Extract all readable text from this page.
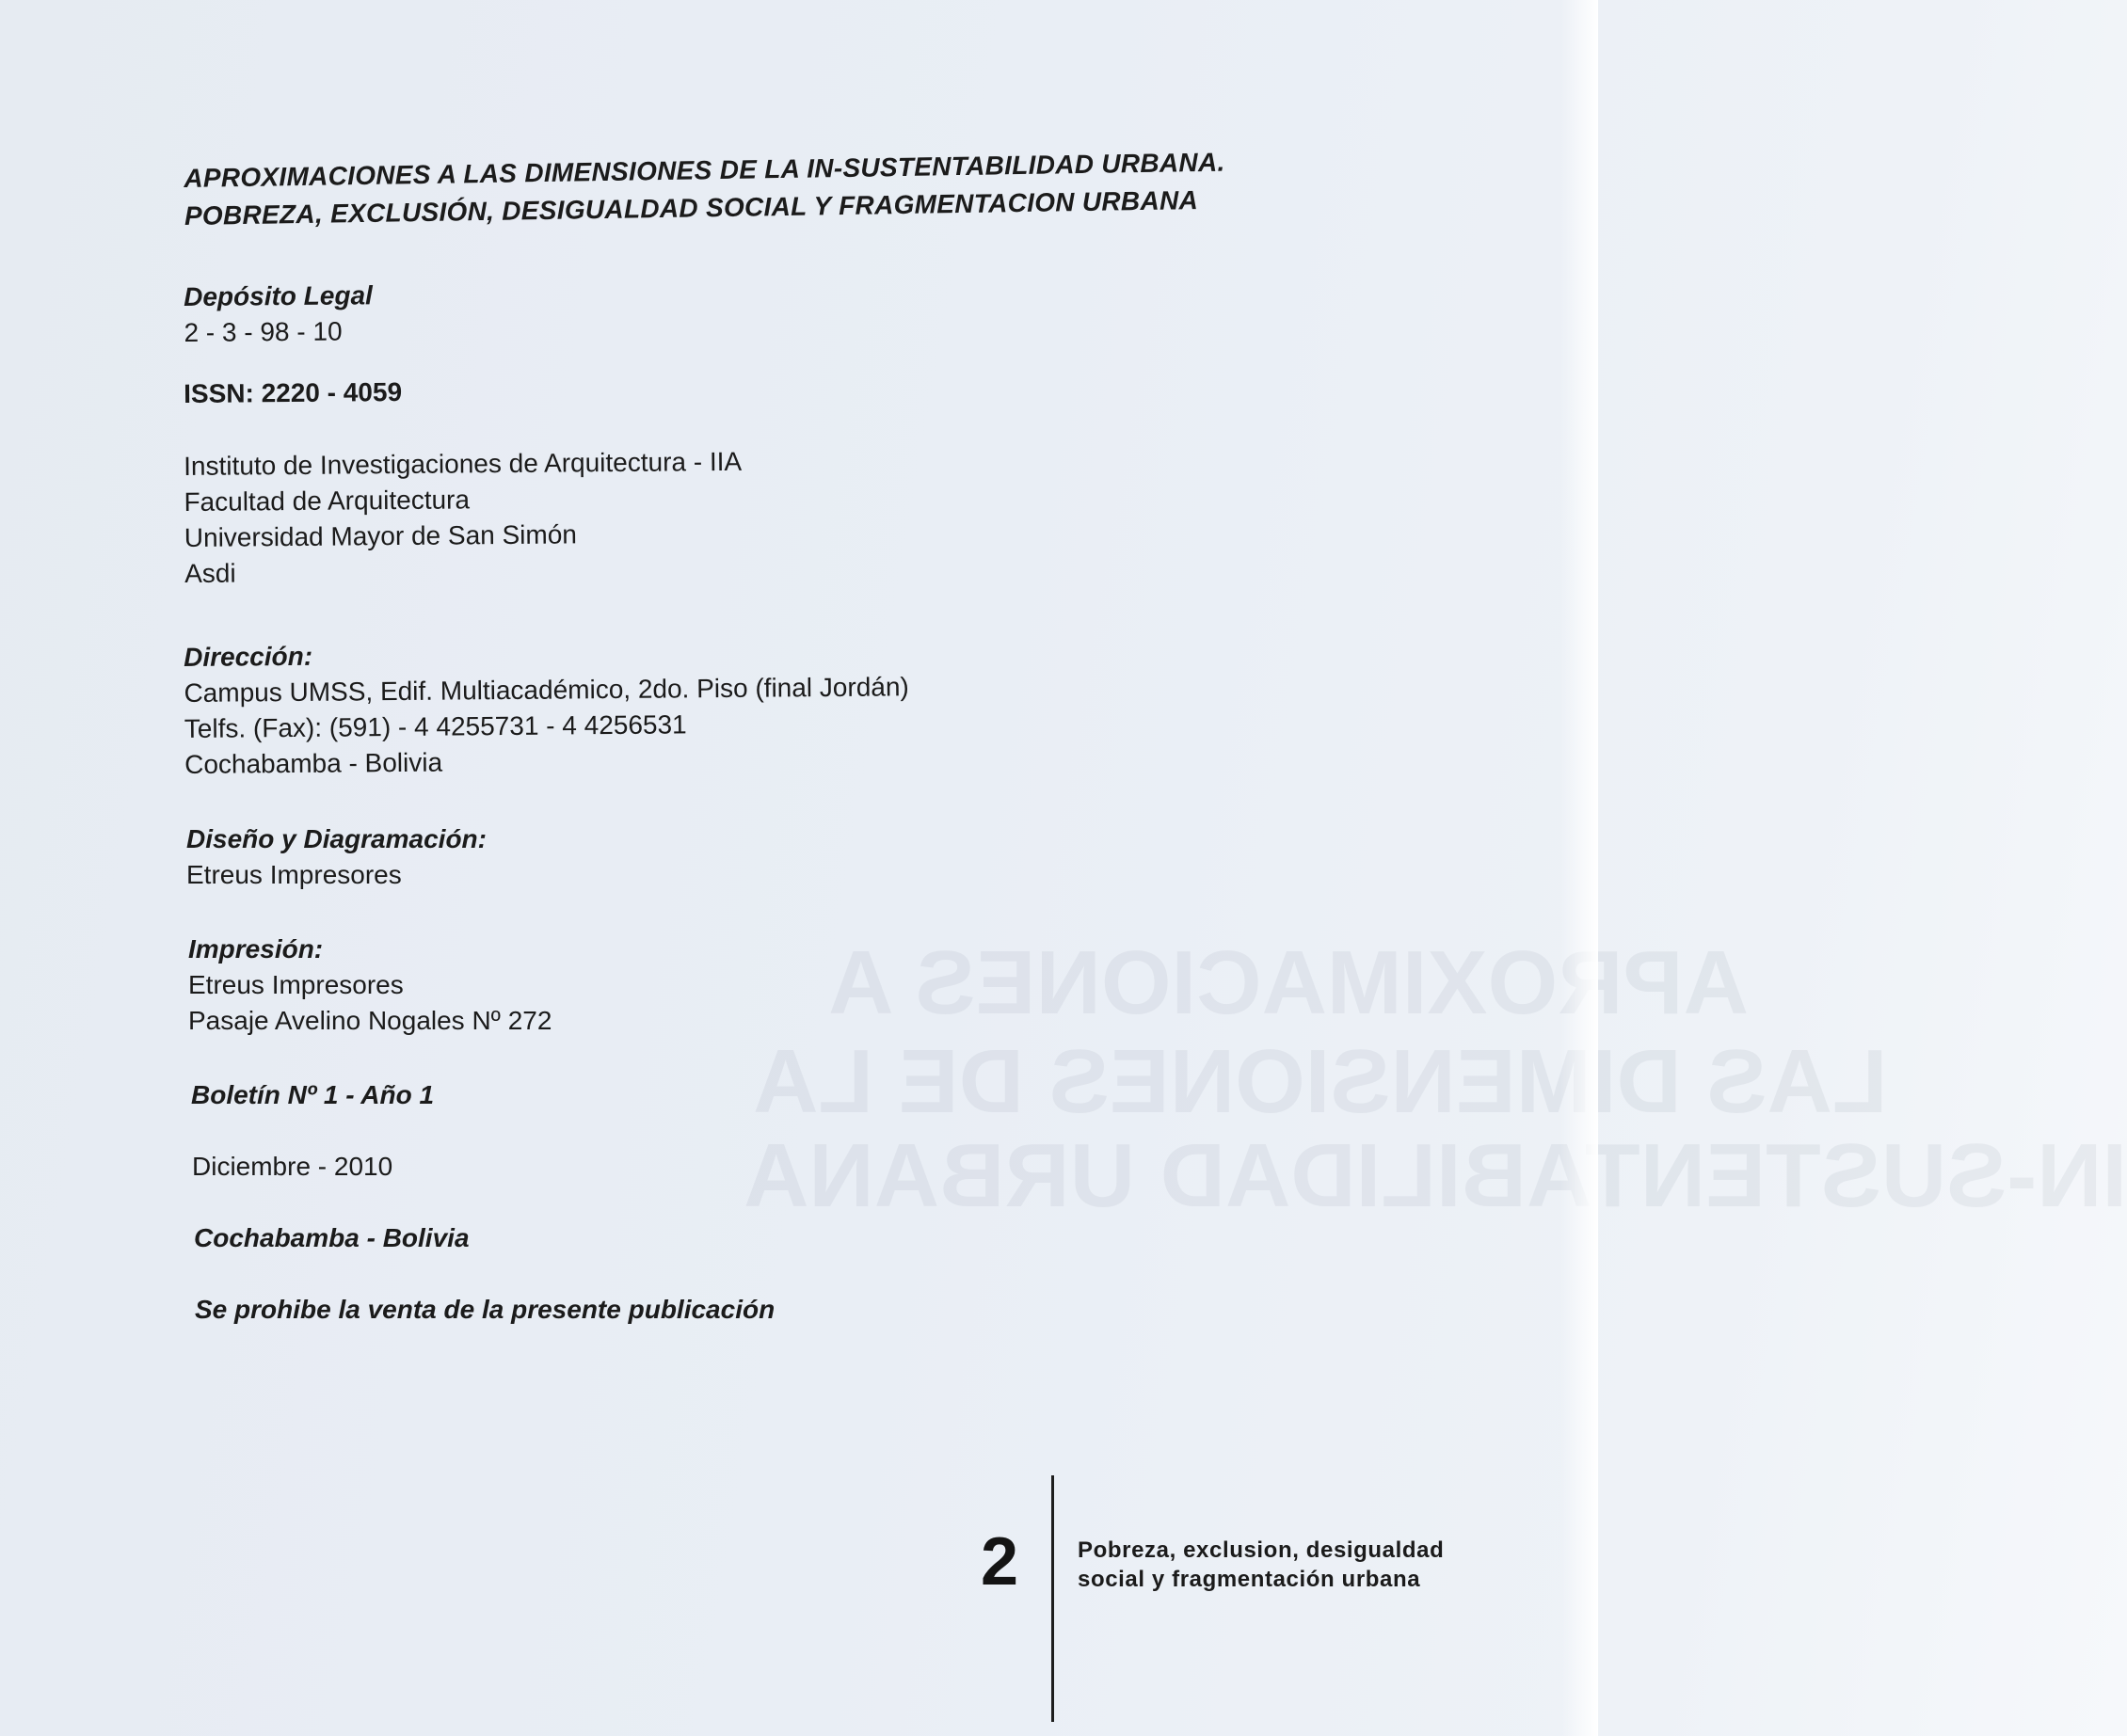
APROXIMACIONES A
LAS DIMENSIONES DE LA
IN-SUSTENTABILIDAD URBANA
APROXIMACIONES A LAS DIMENSIONES DE LA IN-SUSTENTABILIDAD URBANA.
POBREZA, EXCLUSIÓN, DESIGUALDAD SOCIAL Y FRAGMENTACION URBANA
Depósito Legal
2 - 3 - 98 - 10
ISSN: 2220 - 4059
Instituto de Investigaciones de Arquitectura - IIA
Facultad de Arquitectura
Universidad Mayor de San Simón
Asdi
Dirección:
Campus UMSS, Edif. Multiacadémico, 2do. Piso (final Jordán)
Telfs. (Fax): (591) - 4 4255731 - 4 4256531
Cochabamba - Bolivia
Diseño y Diagramación:
Etreus Impresores
Impresión:
Etreus Impresores
Pasaje Avelino Nogales Nº 272
Boletín Nº 1 - Año 1
Diciembre - 2010
Cochabamba - Bolivia
Se prohibe la venta de la presente publicación
2	Pobreza, exclusion, desigualdad
social y fragmentación urbana
